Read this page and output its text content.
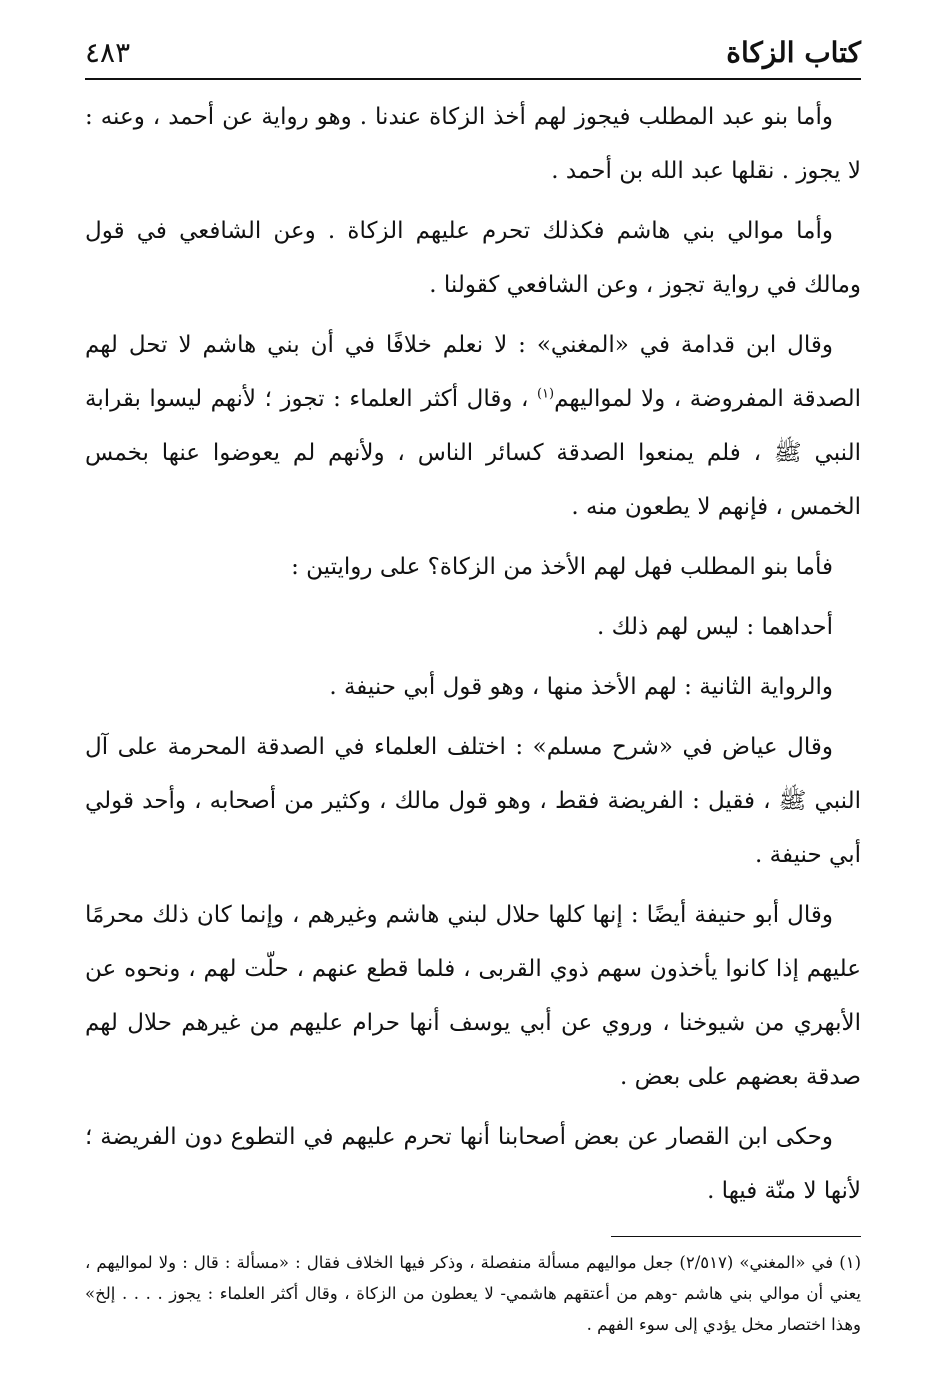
كتاب الزكاة
٤٨٣

وأما بنو عبد المطلب فيجوز لهم أخذ الزكاة عندنا . وهو رواية عن أحمد ، وعنه : لا يجوز . نقلها عبد الله بن أحمد .

وأما موالي بني هاشم فكذلك تحرم عليهم الزكاة . وعن الشافعي في قول ومالك في رواية تجوز ، وعن الشافعي كقولنا .

وقال ابن قدامة في «المغني» : لا نعلم خلافًا في أن بني هاشم لا تحل لهم الصدقة المفروضة ، ولا لمواليهم$^{(١)}$ ، وقال أكثر العلماء : تجوز ؛ لأنهم ليسوا بقرابة النبي ﷺ ، فلم يمنعوا الصدقة كسائر الناس ، ولأنهم لم يعوضوا عنها بخمس الخمس ، فإنهم لا يطعون منه .

فأما بنو المطلب فهل لهم الأخذ من الزكاة؟ على روايتين :

أحداهما : ليس لهم ذلك .

والرواية الثانية : لهم الأخذ منها ، وهو قول أبي حنيفة .

وقال عياض في «شرح مسلم» : اختلف العلماء في الصدقة المحرمة على آل النبي ﷺ ، فقيل : الفريضة فقط ، وهو قول مالك ، وكثير من أصحابه ، وأحد قولي أبي حنيفة .

وقال أبو حنيفة أيضًا : إنها كلها حلال لبني هاشم وغيرهم ، وإنما كان ذلك محرمًا عليهم إذا كانوا يأخذون سهم ذوي القربى ، فلما قطع عنهم ، حلّت لهم ، ونحوه عن الأبهري من شيوخنا ، وروي عن أبي يوسف أنها حرام عليهم من غيرهم حلال لهم صدقة بعضهم على بعض .

وحكى ابن القصار عن بعض أصحابنا أنها تحرم عليهم في التطوع دون الفريضة ؛ لأنها لا منّة فيها .

(١) في «المغني» (٢/٥١٧) جعل مواليهم مسألة منفصلة ، وذكر فيها الخلاف فقال : «مسألة : قال : ولا لمواليهم ، يعني أن موالي بني هاشم -وهم من أعتقهم هاشمي- لا يعطون من الزكاة ، وقال أكثر العلماء : يجوز . . . . إلخ» وهذا اختصار مخل يؤدي إلى سوء الفهم .
